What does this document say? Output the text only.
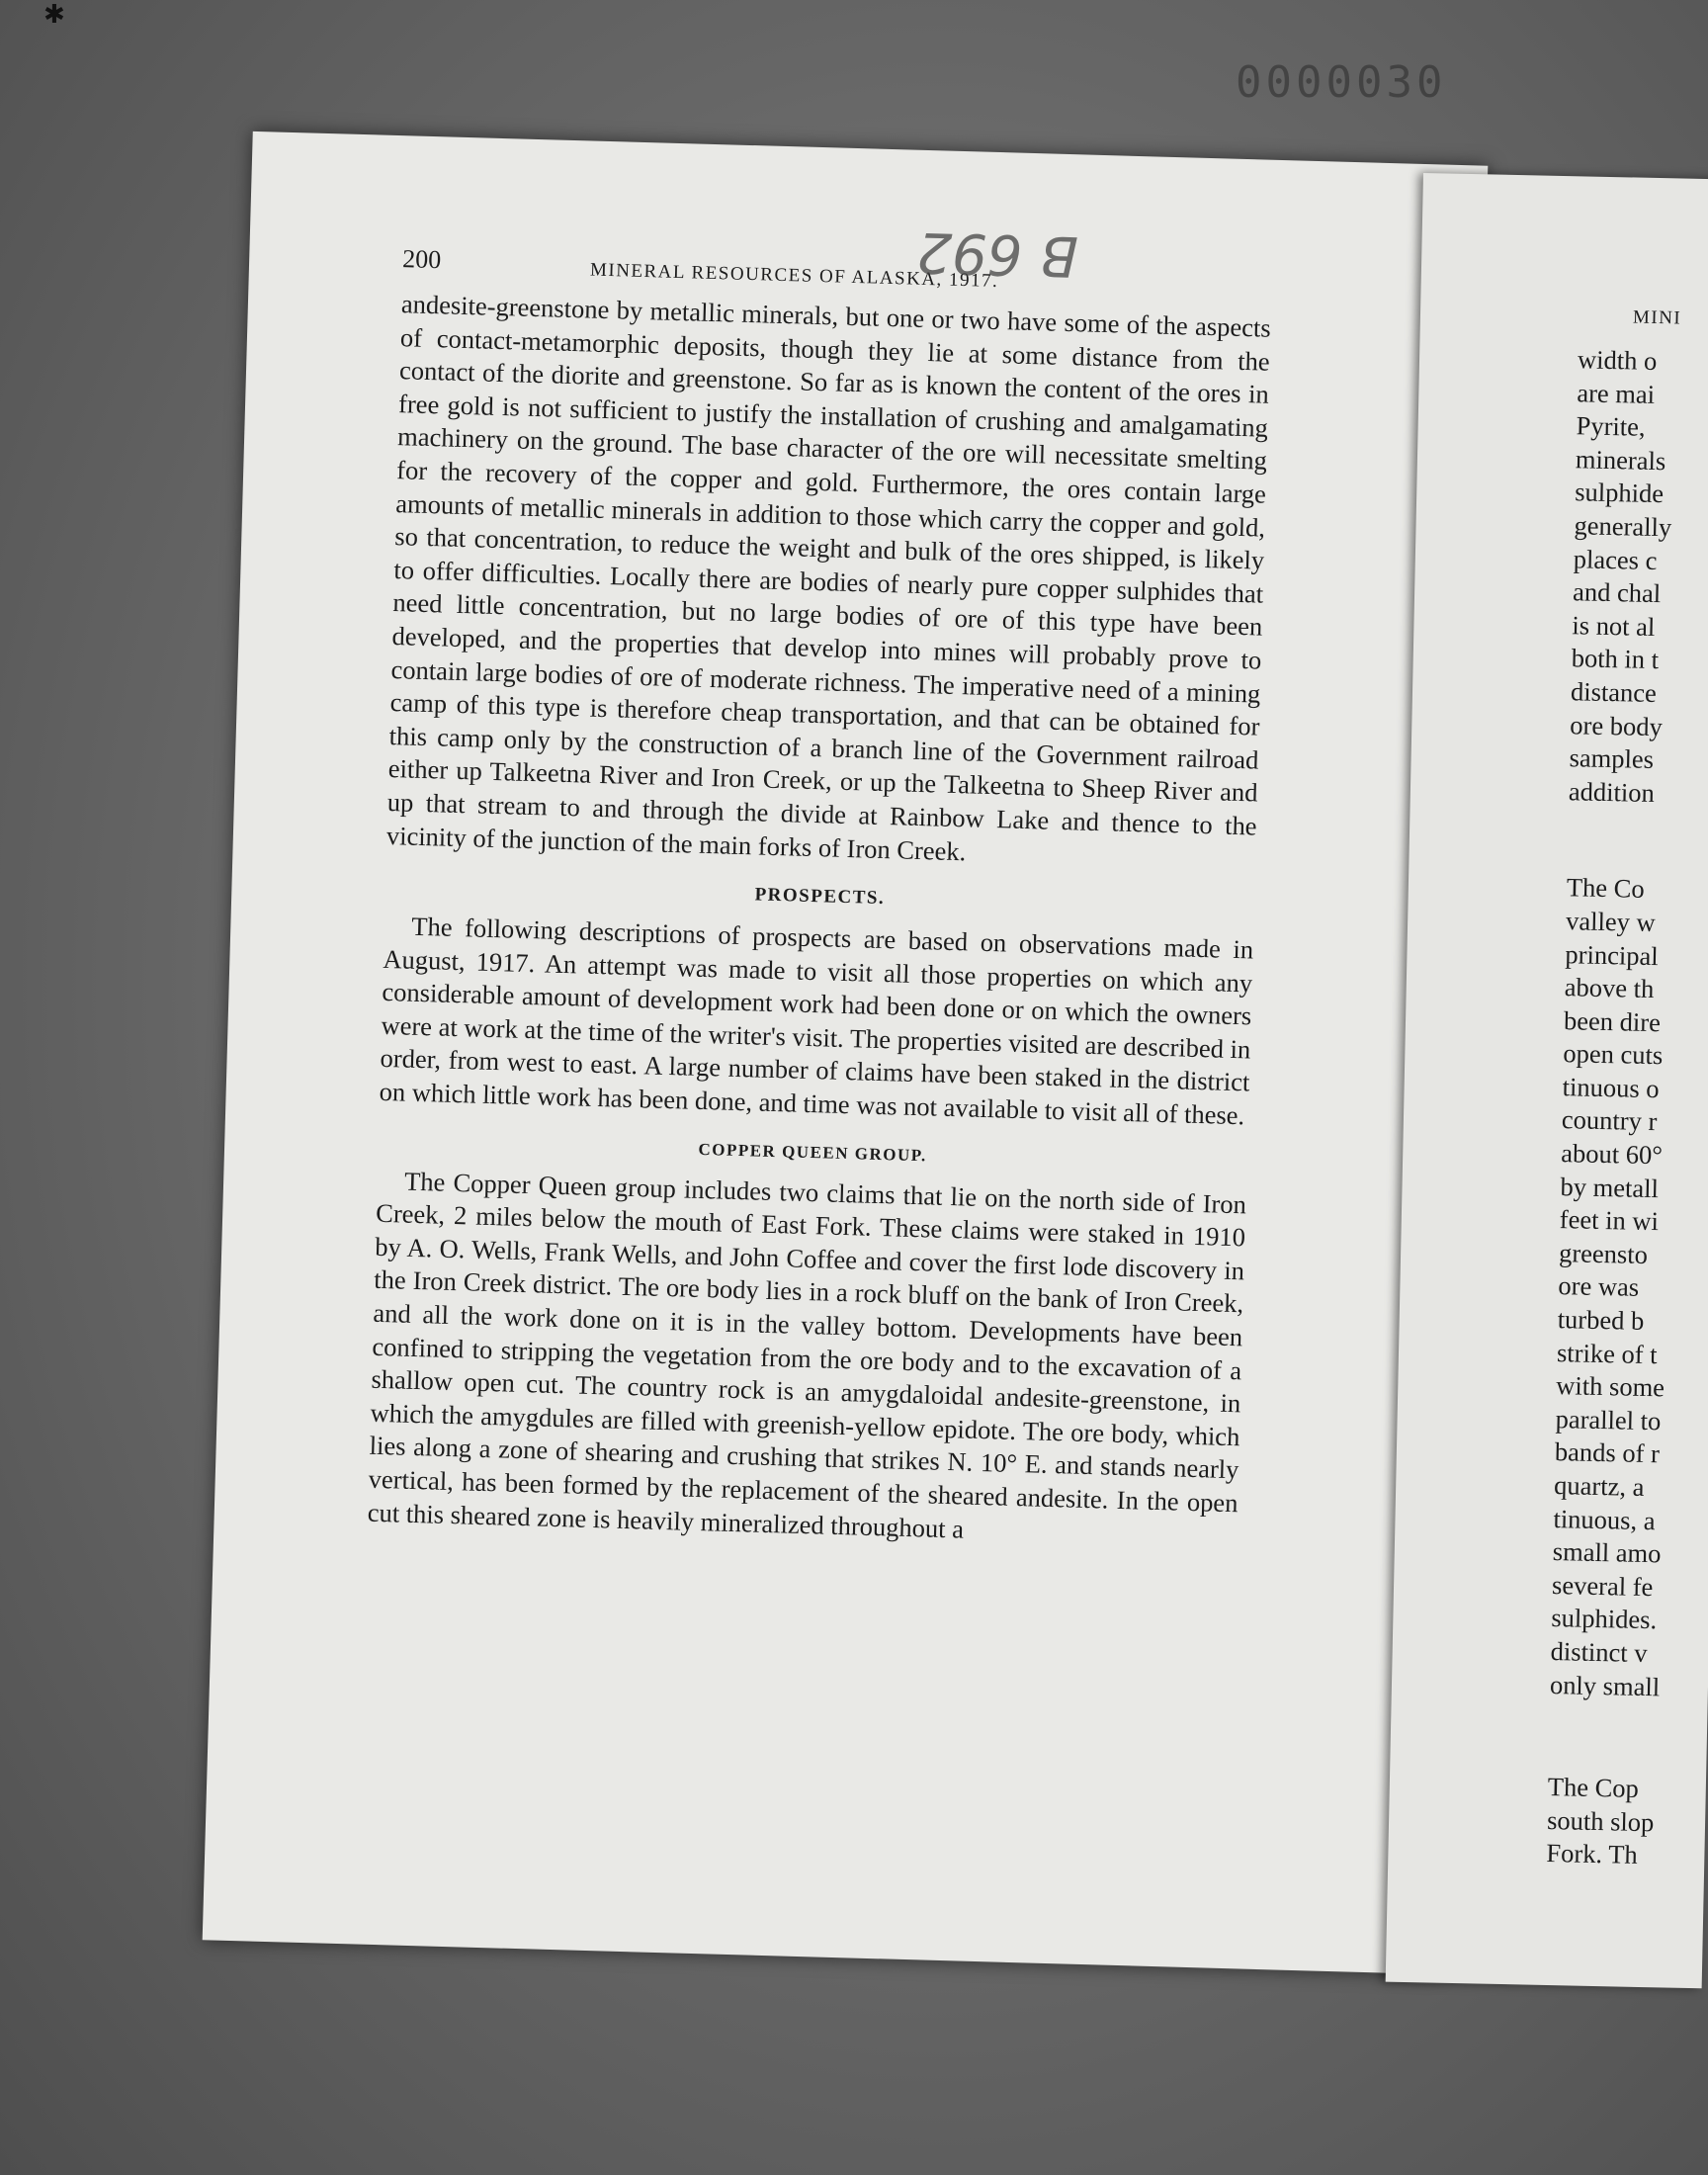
✱
0000030
200
MINERAL RESOURCES OF ALASKA, 1917.
B 692

andesite-greenstone by metallic minerals, but one or two have some of the aspects of contact-metamorphic deposits, though they lie at some distance from the contact of the diorite and greenstone. So far as is known the content of the ores in free gold is not sufficient to justify the installation of crushing and amalgamating machinery on the ground. The base character of the ore will necessitate smelting for the recovery of the copper and gold. Furthermore, the ores contain large amounts of metallic minerals in addition to those which carry the copper and gold, so that concentration, to reduce the weight and bulk of the ores shipped, is likely to offer difficulties. Locally there are bodies of nearly pure copper sulphides that need little concentration, but no large bodies of ore of this type have been developed, and the properties that develop into mines will probably prove to contain large bodies of ore of moderate richness. The imperative need of a mining camp of this type is therefore cheap transportation, and that can be obtained for this camp only by the construction of a branch line of the Government railroad either up Talkeetna River and Iron Creek, or up the Talkeetna to Sheep River and up that stream to and through the divide at Rainbow Lake and thence to the vicinity of the junction of the main forks of Iron Creek.

PROSPECTS.

The following descriptions of prospects are based on observations made in August, 1917. An attempt was made to visit all those properties on which any considerable amount of development work had been done or on which the owners were at work at the time of the writer's visit. The properties visited are described in order, from west to east. A large number of claims have been staked in the district on which little work has been done, and time was not available to visit all of these.

COPPER QUEEN GROUP.

The Copper Queen group includes two claims that lie on the north side of Iron Creek, 2 miles below the mouth of East Fork. These claims were staked in 1910 by A. O. Wells, Frank Wells, and John Coffee and cover the first lode discovery in the Iron Creek district. The ore body lies in a rock bluff on the bank of Iron Creek, and all the work done on it is in the valley bottom. Developments have been confined to stripping the vegetation from the ore body and to the excavation of a shallow open cut. The country rock is an amygdaloidal andesite-greenstone, in which the amygdules are filled with greenish-yellow epidote. The ore body, which lies along a zone of shearing and crushing that strikes N. 10° E. and stands nearly vertical, has been formed by the replacement of the sheared andesite. In the open cut this sheared zone is heavily mineralized throughout a

MINI
width o
are mai
Pyrite,
minerals
sulphide
generally
places c
and chal
is not al
both in t
distance
ore body
samples
addition
The Co
valley w
principal
above th
been dire
open cuts
tinuous o
country r
about 60°
by metall
feet in wi
greensto
ore was
turbed b
strike of t
with some
parallel to
bands of r
quartz, a
tinuous, a
small amo
several fe
sulphides.
distinct v
only small
The Cop
south slop
Fork. Th
